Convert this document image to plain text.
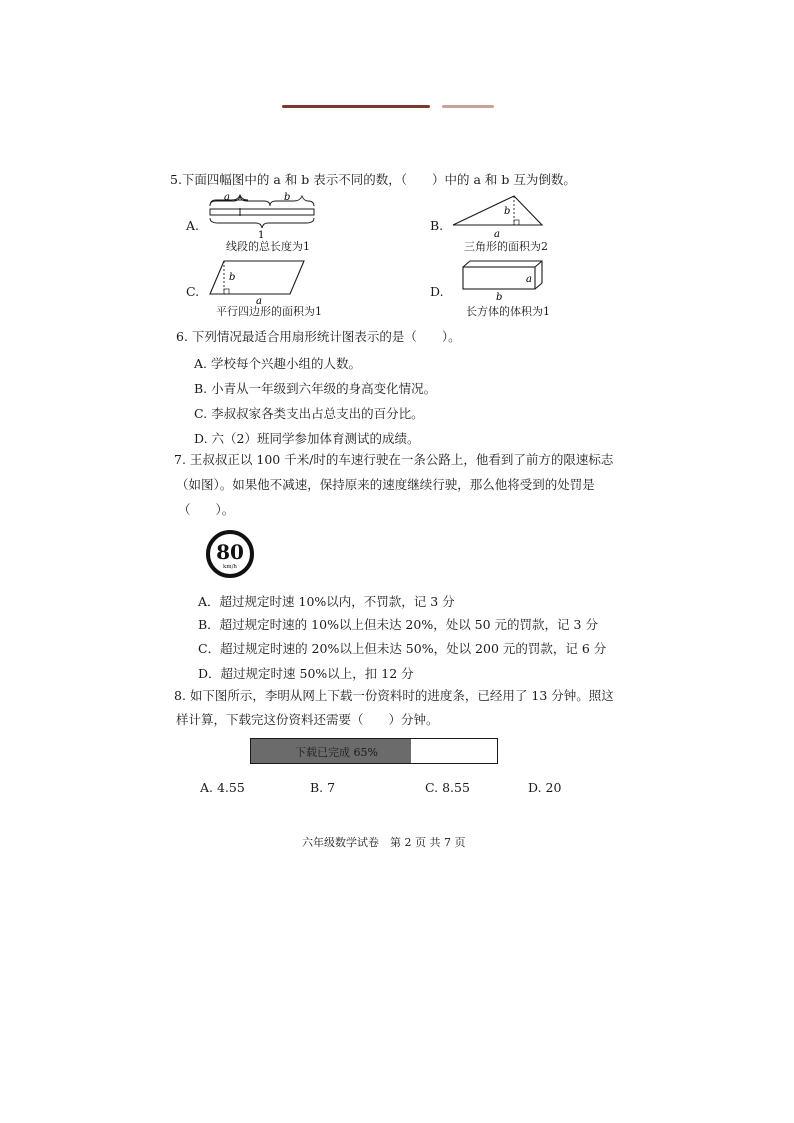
5.下面四幅图中的 a 和 b 表示不同的数，（　　）中的 a 和 b 互为倒数。
A.
a	b
1
线段的总长度为1
B.
b
a
三角形的面积为2
C.
b
a
平行四边形的面积为1
D.
a
b
长方体的体积为1
6. 下列情况最适合用扇形统计图表示的是（　　）。
A. 学校每个兴趣小组的人数。
B. 小青从一年级到六年级的身高变化情况。
C. 李叔叔家各类支出占总支出的百分比。
D. 六（2）班同学参加体育测试的成绩。
7. 王叔叔正以 100 千米/时的车速行驶在一条公路上，他看到了前方的限速标志
（如图）。如果他不减速，保持原来的速度继续行驶，那么他将受到的处罚是
（　　）。
80
km/h
A．超过规定时速 10%以内，不罚款，记 3 分
B．超过规定时速的 10%以上但未达 20%，处以 50 元的罚款，记 3 分
C．超过规定时速的 20%以上但未达 50%，处以 200 元的罚款，记 6 分
D．超过规定时速 50%以上，扣 12 分
8. 如下图所示，李明从网上下载一份资料时的进度条，已经用了 13 分钟。照这
样计算，下载完这份资料还需要（　　）分钟。
下载已完成 65%
A. 4.55	B. 7	C. 8.55	D. 20
六年级数学试卷　第 2 页 共 7 页
